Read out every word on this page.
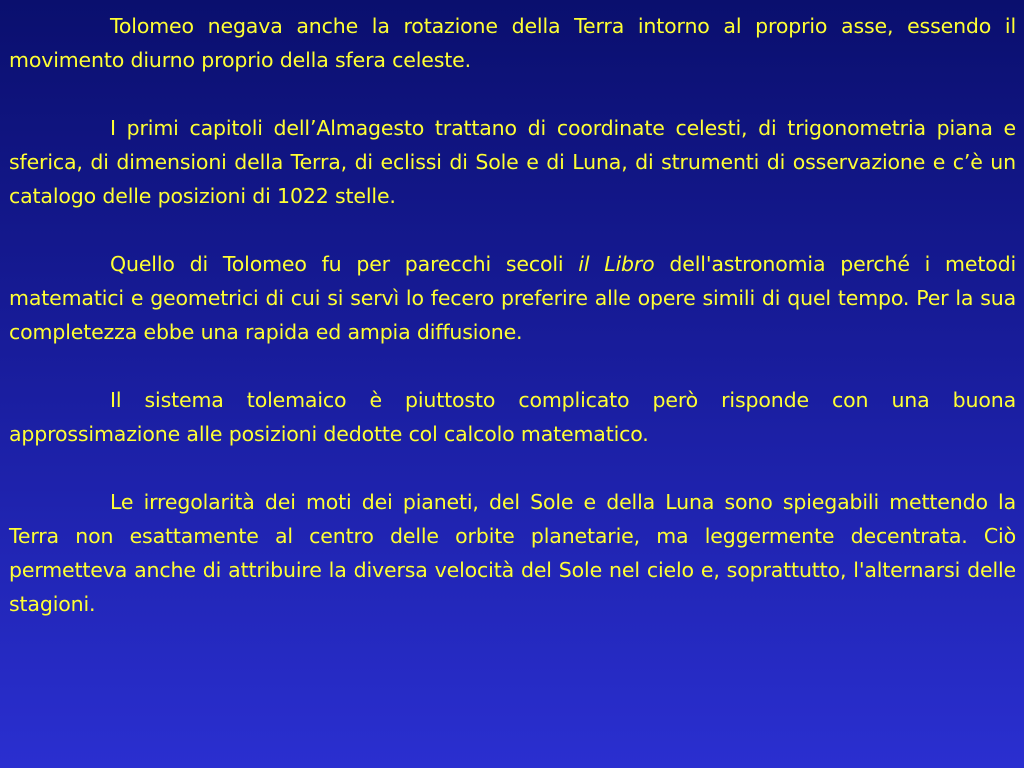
Tolomeo negava anche la rotazione della Terra intorno al proprio asse, essendo il movimento diurno proprio della sfera celeste.

I primi capitoli dell’Almagesto trattano di coordinate celesti, di trigonometria piana e sferica, di dimensioni della Terra, di eclissi di Sole e di Luna, di strumenti di osservazione e c’è un catalogo delle posizioni di 1022 stelle.

Quello di Tolomeo fu per parecchi secoli il Libro dell'astronomia perché i metodi matematici e geometrici di cui si servì lo fecero preferire alle opere simili di quel tempo. Per la sua completezza ebbe una rapida ed ampia diffusione.

Il sistema tolemaico è piuttosto complicato però risponde con una buona approssimazione alle posizioni dedotte col calcolo matematico.

Le irregolarità dei moti dei pianeti, del Sole e della Luna sono spiegabili mettendo la Terra non esattamente al centro delle orbite planetarie, ma leggermente decentrata. Ciò permetteva anche di attribuire la diversa velocità del Sole nel cielo e, soprattutto, l'alternarsi delle stagioni.
